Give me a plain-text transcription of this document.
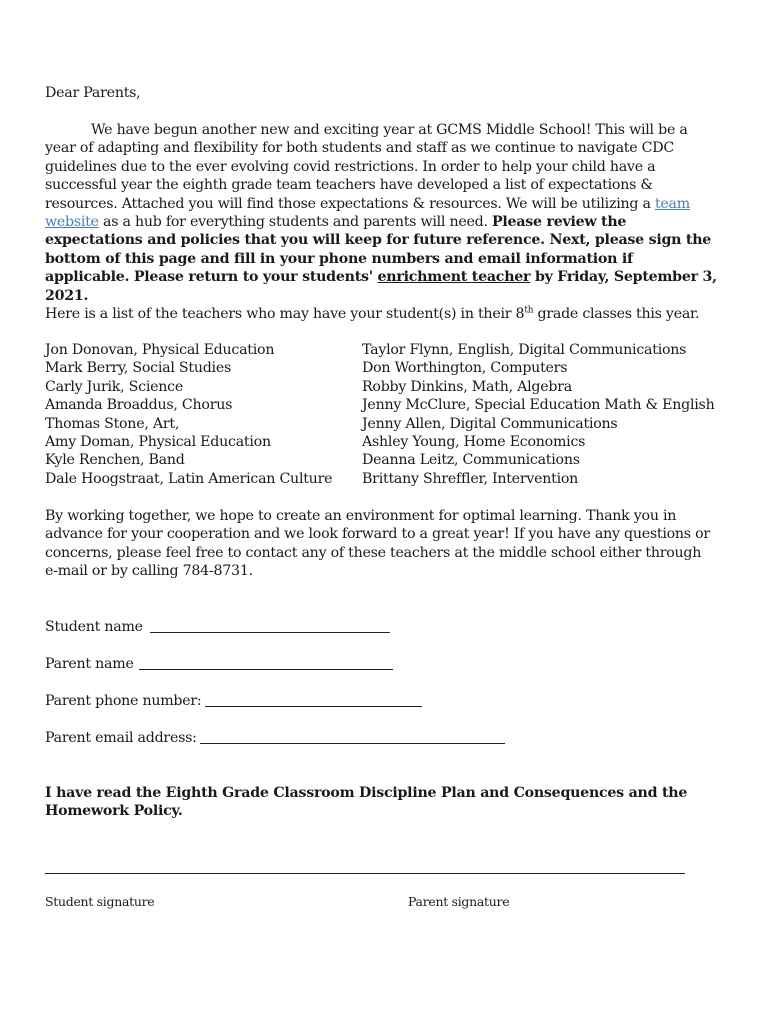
Dear Parents,
We have begun another new and exciting year at GCMS Middle School! This will be a year of adapting and flexibility for both students and staff as we continue to navigate CDC guidelines due to the ever evolving covid restrictions. In order to help your child have a successful year the eighth grade team teachers have developed a list of expectations & resources. Attached you will find those expectations & resources. We will be utilizing a team website as a hub for everything students and parents will need. Please review the expectations and policies that you will keep for future reference. Next, please sign the bottom of this page and fill in your phone numbers and email information if applicable. Please return to your students' enrichment teacher by Friday, September 3, 2021.
Here is a list of the teachers who may have your student(s) in their 8th grade classes this year.
Jon Donovan, Physical Education
Mark Berry, Social Studies
Carly Jurik, Science
Amanda Broaddus, Chorus
Thomas Stone, Art,
Amy Doman, Physical Education
Kyle Renchen, Band
Dale Hoogstraat, Latin American Culture
Taylor Flynn, English, Digital Communications
Don Worthington, Computers
Robby Dinkins, Math, Algebra
Jenny McClure, Special Education Math & English
Jenny Allen, Digital Communications
Ashley Young, Home Economics
Deanna Leitz, Communications
Brittany Shreffler, Intervention
By working together, we hope to create an environment for optimal learning. Thank you in advance for your cooperation and we look forward to a great year! If you have any questions or concerns, please feel free to contact any of these teachers at the middle school either through e-mail or by calling 784-8731.
Student name
Parent name
Parent phone number:
Parent email address:
I have read the Eighth Grade Classroom Discipline Plan and Consequences and the Homework Policy.
Student signature	Parent signature
